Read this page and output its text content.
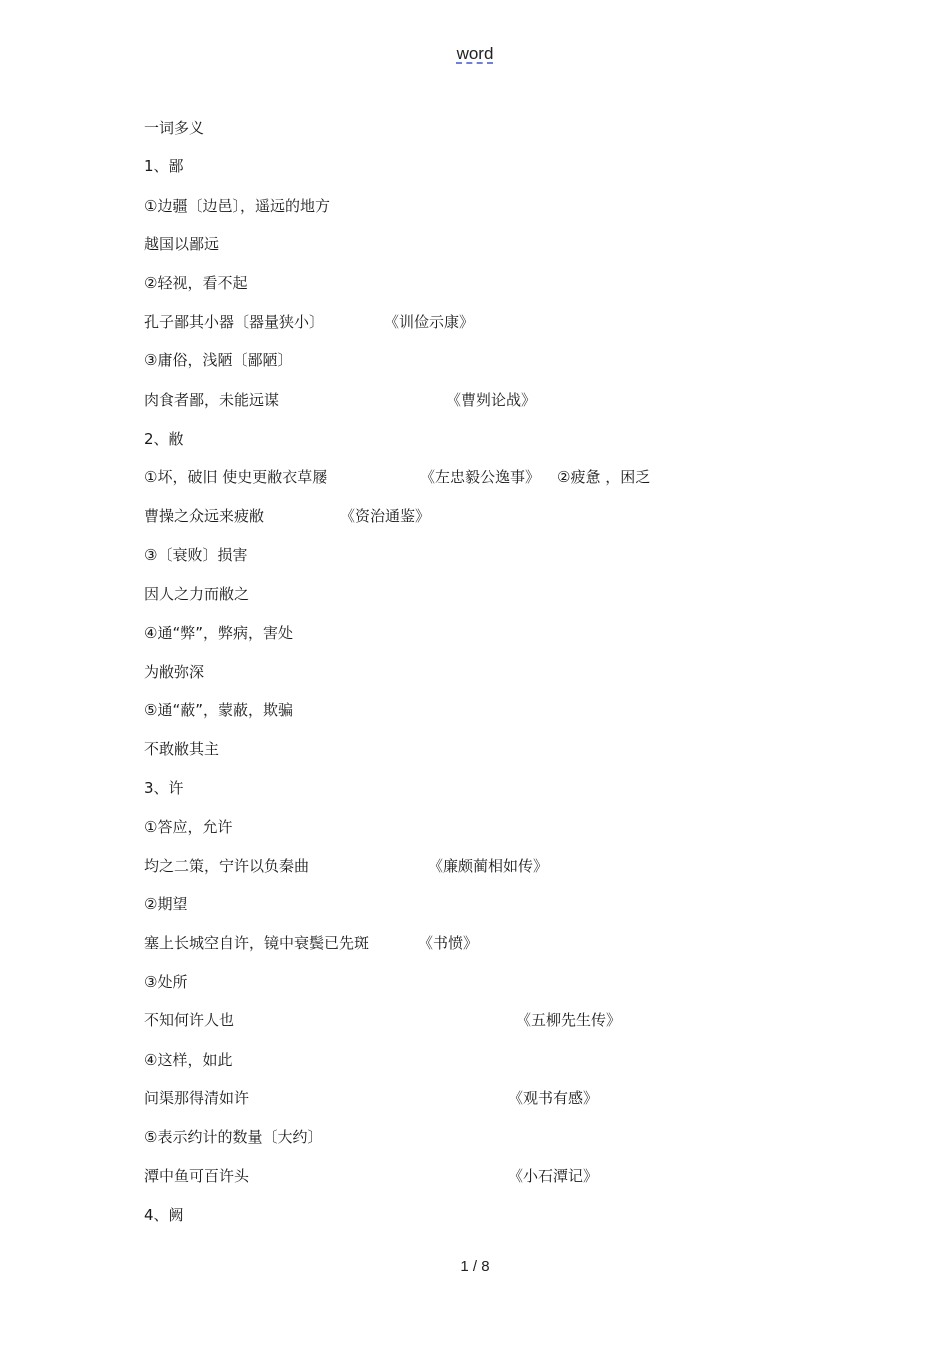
word
一词多义
1、鄙
①边疆〔边邑〕，遥远的地方
越国以鄙远
②轻视，看不起
孔子鄙其小器〔器量狭小〕	《训俭示康》
③庸俗，浅陋〔鄙陋〕
肉食者鄙，未能远谋	《曹刿论战》
2、敝
①坏，破旧 使史更敝衣草屦	《左忠毅公逸事》 ②疲惫 ，困乏
曹操之众远来疲敝	《资治通鉴》
③〔衰败〕损害
因人之力而敝之
④通“弊”，弊病，害处
为敝弥深
⑤通“蔽”，蒙蔽，欺骗
不敢敝其主
3、许
①答应，允许
均之二策，宁许以负秦曲	《廉颇蔺相如传》
②期望
塞上长城空自许，镜中衰鬓已先斑	《书愤》
③处所
不知何许人也	《五柳先生传》
④这样，如此
问渠那得清如许	《观书有感》
⑤表示约计的数量〔大约〕
潭中鱼可百许头	《小石潭记》
4、阙
1 / 8
